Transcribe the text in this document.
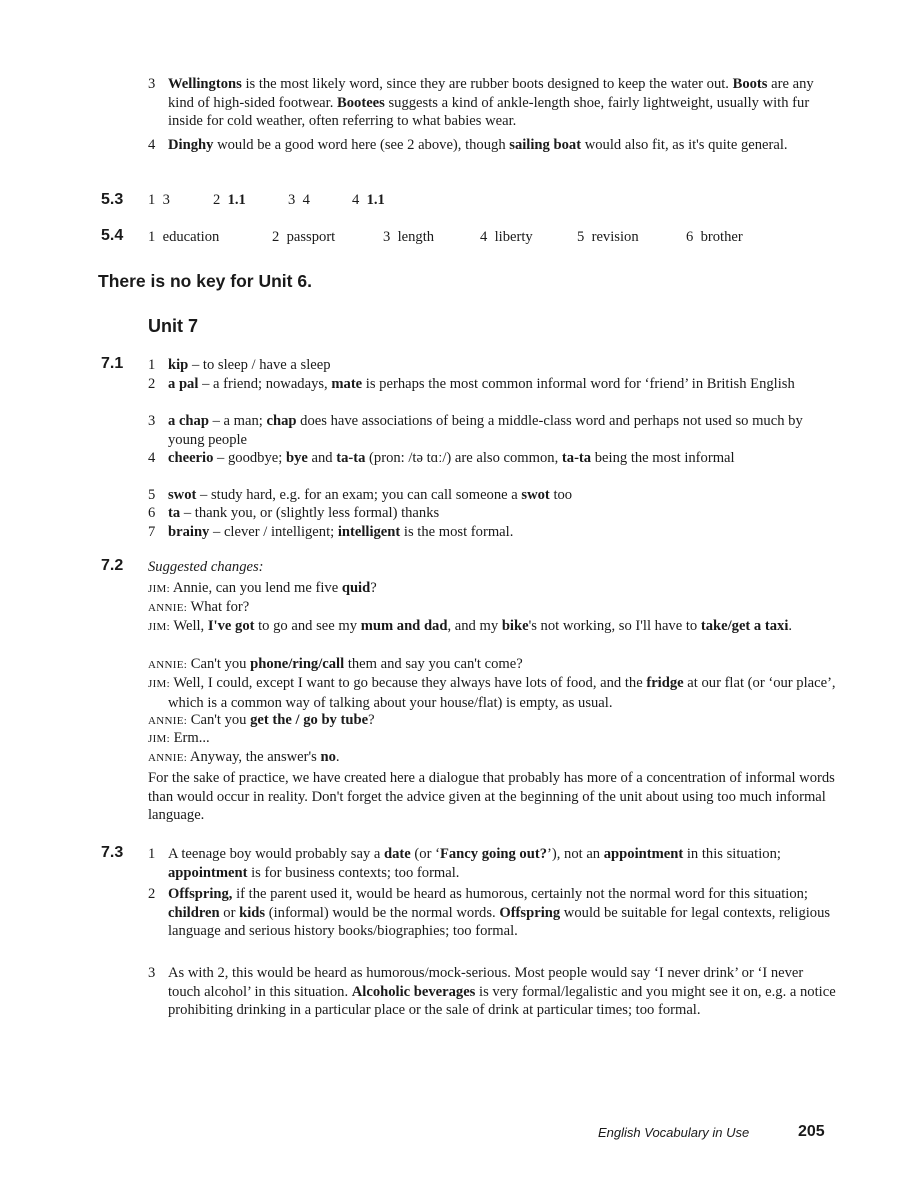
3 Wellingtons is the most likely word, since they are rubber boots designed to keep the water out. Boots are any kind of high-sided footwear. Bootees suggests a kind of ankle-length shoe, fairly lightweight, usually with fur inside for cold weather, often referring to what babies wear.
4 Dinghy would be a good word here (see 2 above), though sailing boat would also fit, as it's quite general.
5.3 1 3	2 1.1	3 4	4 1.1
5.4 1 education	2 passport	3 length	4 liberty	5 revision	6 brother
There is no key for Unit 6.
Unit 7
7.1 1 kip – to sleep / have a sleep
2 a pal – a friend; nowadays, mate is perhaps the most common informal word for ‘friend’ in British English
3 a chap – a man; chap does have associations of being a middle-class word and perhaps not used so much by young people
4 cheerio – goodbye; bye and ta-ta (pron: /tə tɑː/) are also common, ta-ta being the most informal
5 swot – study hard, e.g. for an exam; you can call someone a swot too
6 ta – thank you, or (slightly less formal) thanks
7 brainy – clever / intelligent; intelligent is the most formal.
7.2 Suggested changes:
JIM: Annie, can you lend me five quid?
ANNIE: What for?
JIM: Well, I've got to go and see my mum and dad, and my bike's not working, so I'll have to take/get a taxi.
ANNIE: Can't you phone/ring/call them and say you can't come?
JIM: Well, I could, except I want to go because they always have lots of food, and the fridge at our flat (or ‘our place’, which is a common way of talking about your house/flat) is empty, as usual.
ANNIE: Can't you get the / go by tube?
JIM: Erm...
ANNIE: Anyway, the answer's no.
For the sake of practice, we have created here a dialogue that probably has more of a concentration of informal words than would occur in reality. Don't forget the advice given at the beginning of the unit about using too much informal language.
7.3 1 A teenage boy would probably say a date (or ‘Fancy going out?’), not an appointment in this situation; appointment is for business contexts; too formal.
2 Offspring, if the parent used it, would be heard as humorous, certainly not the normal word for this situation; children or kids (informal) would be the normal words. Offspring would be suitable for legal contexts, religious language and serious history books/biographies; too formal.
3 As with 2, this would be heard as humorous/mock-serious. Most people would say ‘I never drink’ or ‘I never touch alcohol’ in this situation. Alcoholic beverages is very formal/legalistic and you might see it on, e.g. a notice prohibiting drinking in a particular place or the sale of drink at particular times; too formal.
English Vocabulary in Use	205
